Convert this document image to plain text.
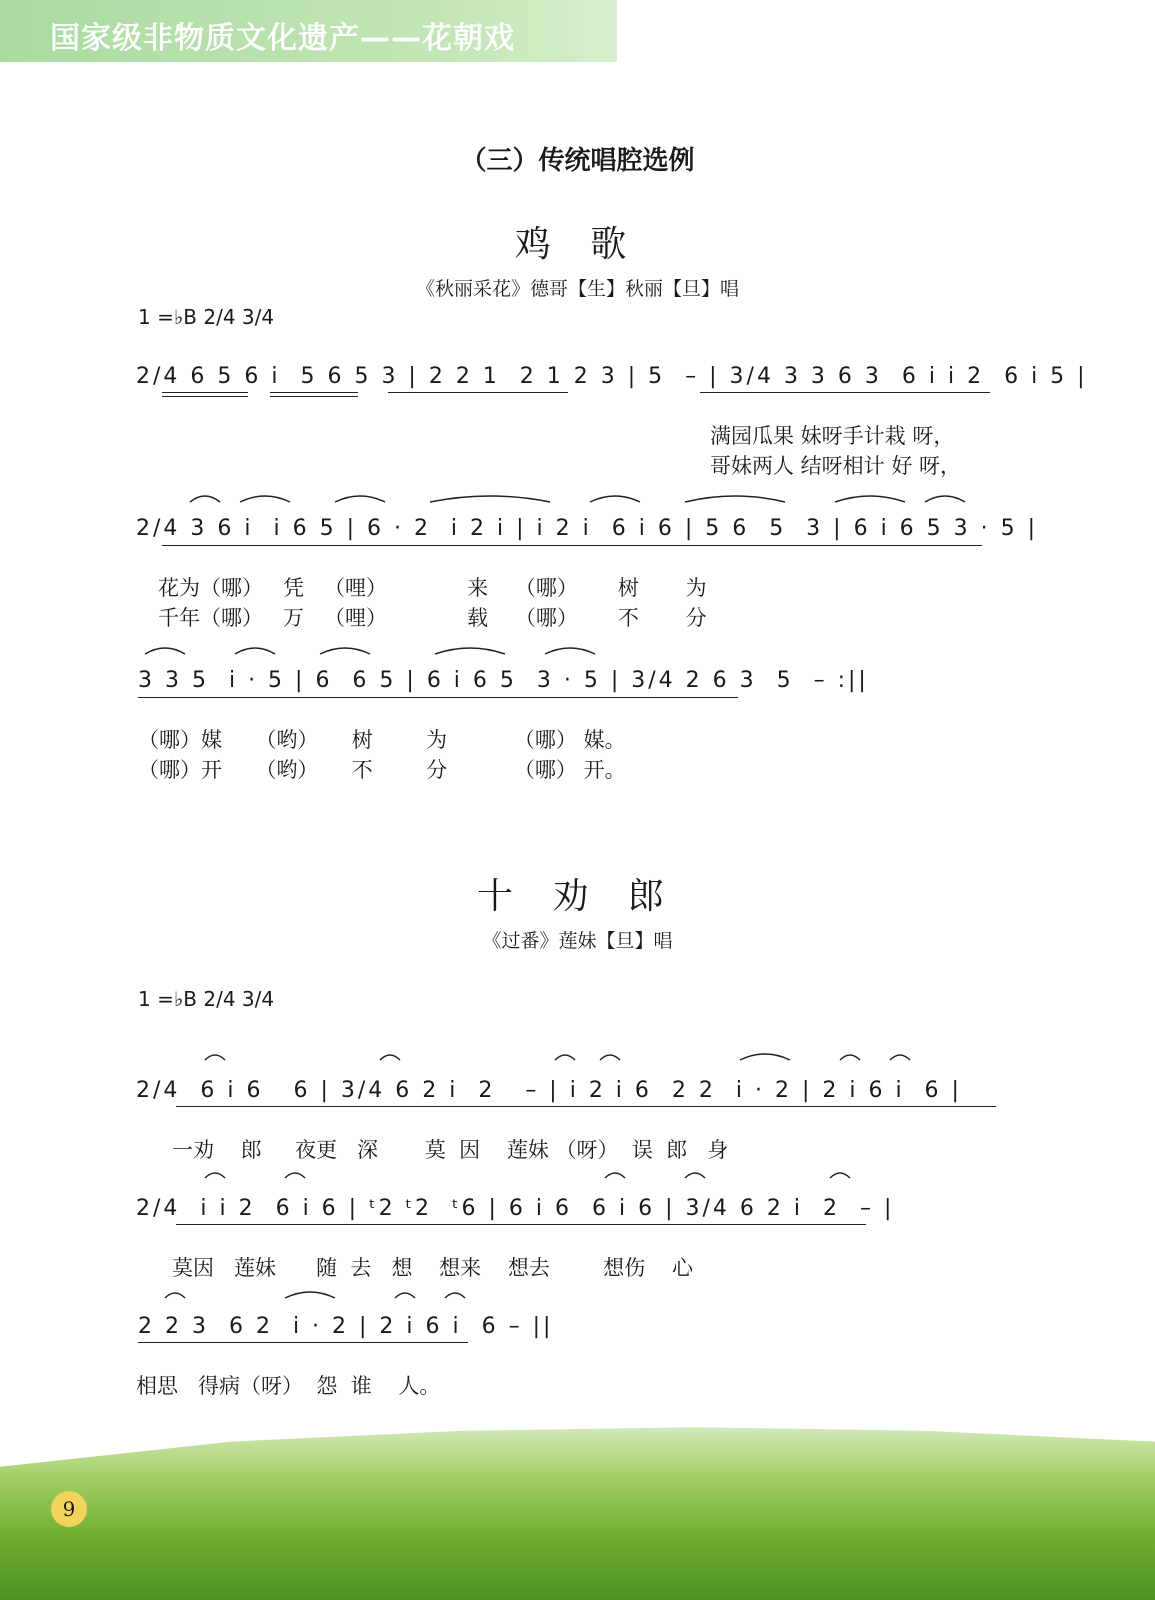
国家级非物质文化遗产——花朝戏
（三）传统唱腔选例
鸡 歌
《秋丽采花》德哥【生】秋丽【旦】唱
1 =♭B 2/4 3/4
2/4 6 5 6 i  5 6 5 3 | 2 2 1  2 1 2 3 | 5  – | 3/4 3 3 6 3  6 i i 2  6 i 5 |
满园瓜果 妹呀手计栽 呀，
哥妹两人 结呀相计 好 呀，
2/4 3 6 i  i 6 5 | 6 · 2  i 2 i | i 2 i  6 i 6 | 5 6  5  3 | 6 i 6 5 3 · 5 |
花为（哪）   凭   （哩）            来    （哪）      树       为
千年（哪）   万   （哩）            载    （哪）      不       分
3 3 5  i · 5 | 6  6 5 | 6 i 6 5  3 · 5 | 3/4 2 6 3  5  – :||
（哪）媒     （哟）     树        为          （哪） 媒。
（哪）开     （哟）     不        分          （哪） 开。
十 劝 郎
《过番》莲妹【旦】唱
1 =♭B 2/4 3/4
2/4  6 i 6   6 | 3/4 6 2 i  2   – | i 2 i 6  2 2  i · 2 | 2 i 6 i  6 |
一劝    郎     夜更   深       莫  因    莲妹 （呀）  误  郎   身
2/4  i i 2  6 i 6 | ᵗ2 ᵗ2  ᵗ6 | 6 i 6  6 i 6 | 3/4 6 2 i  2  – |
莫因   莲妹      随  去   想    想来    想去        想伤    心
2 2 3  6 2  i · 2 | 2 i 6 i  6 – ||
相思   得病（呀）  怨  谁    人。
9
